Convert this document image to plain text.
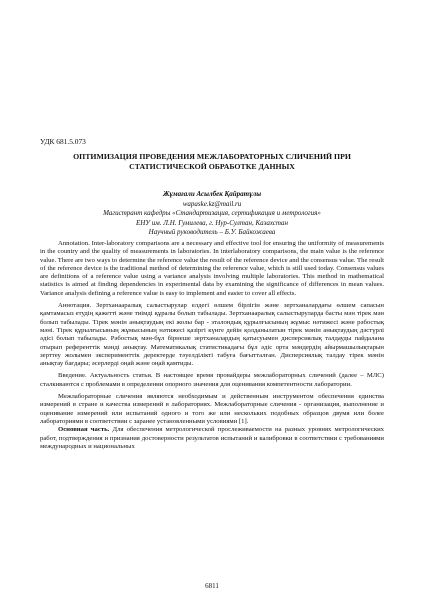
УДК 681.5.073
ОПТИМИЗАЦИЯ ПРОВЕДЕНИЯ МЕЖЛАБОРАТОРНЫХ СЛИЧЕНИЙ ПРИ
СТАТИСТИЧЕСКОЙ ОБРАБОТКЕ ДАННЫХ
Жұмағали Асылбек Қайратұлы
wapaske.kz@mail.ru
Магистрант кафедры «Стандартизация, сертификация и метрология»
ЕНУ им. Л.Н. Гумилева, г. Нур-Султан, Казахстан
Научный руководитель – Б.У. Байкожаева

Annotation. Inter-laboratory comparisons are a necessary and effective tool for ensuring the uniformity of measurements in the country and the quality of measurements in laboratories. In interlaboratory comparisons, the main value is the reference value. There are two ways to determine the reference value the result of the reference device and the consensus value. The result of the reference device is the traditional method of determining the reference value, which is still used today. Consensus values are definitions of a reference value using a variance analysis involving multiple laboratories. This method in mathematical statistics is aimed at finding dependencies in experimental data by examining the significance of differences in mean values. Variance analysis defining a reference value is easy to implement and easier to cover all effects.

Аннотация. Зертханааралық салыстырулар елдегі өлшем бірлігін және зертханалардағы өлшем сапасын қамтамасыз етудің қажетті және тиімді құралы болып табылады. Зертханааралық салыстыруларда басты мән тірек мән болып табылады. Тірек мәнін анықтаудың екі жолы бар - эталондық құрылғысының жұмыс нәтижесі және рәбостық мәні. Тірек құрылғысының жұмысының нәтижесі қазіргі күнге дейін қолданылатын тірек мәнін анықтаудың дәстүрлі әдісі болып табылады. Рәбостық мән-бұл бірнеше зертханалардың қатысуымен дисперсиялық талдауды пайдалана отырып референттік мәнді анықтау. Математикалық статистикадағы бұл әдіс орта мәндердің айырмашылықтарын зерттеу жолымен эксперименттік деректерде тәуелділікті табуға бағытталған. Дисперсиялық талдау тірек мәнін анықтау бағдары; әсерлерді оңай және оңай қамтиды.

Введение. Актуальность статьи. В настоящее время провайдеры межлабораторных сличений (далее – МЛС) сталкиваются с проблемами в определении опорного значения для оценивания компетентности лаборатории.

Межлабораторные сличения являются необходимым и действенным инструментом обеспечения единства измерений в стране и качества измерений в лабораториях. Межлабораторные сличения - организация, выполнение и оценивание измерений или испытаний одного и того же или нескольких подобных образцов двумя или более лабораториями в соответствии с заранее установленными условиями [1].

Основная часть. Для обеспечения метрологической прослеживаемости на разных уровнях метрологических работ, подтверждения и признания достоверности результатов испытаний и калибровки в соответствии с требованиями международных и национальных

6811
